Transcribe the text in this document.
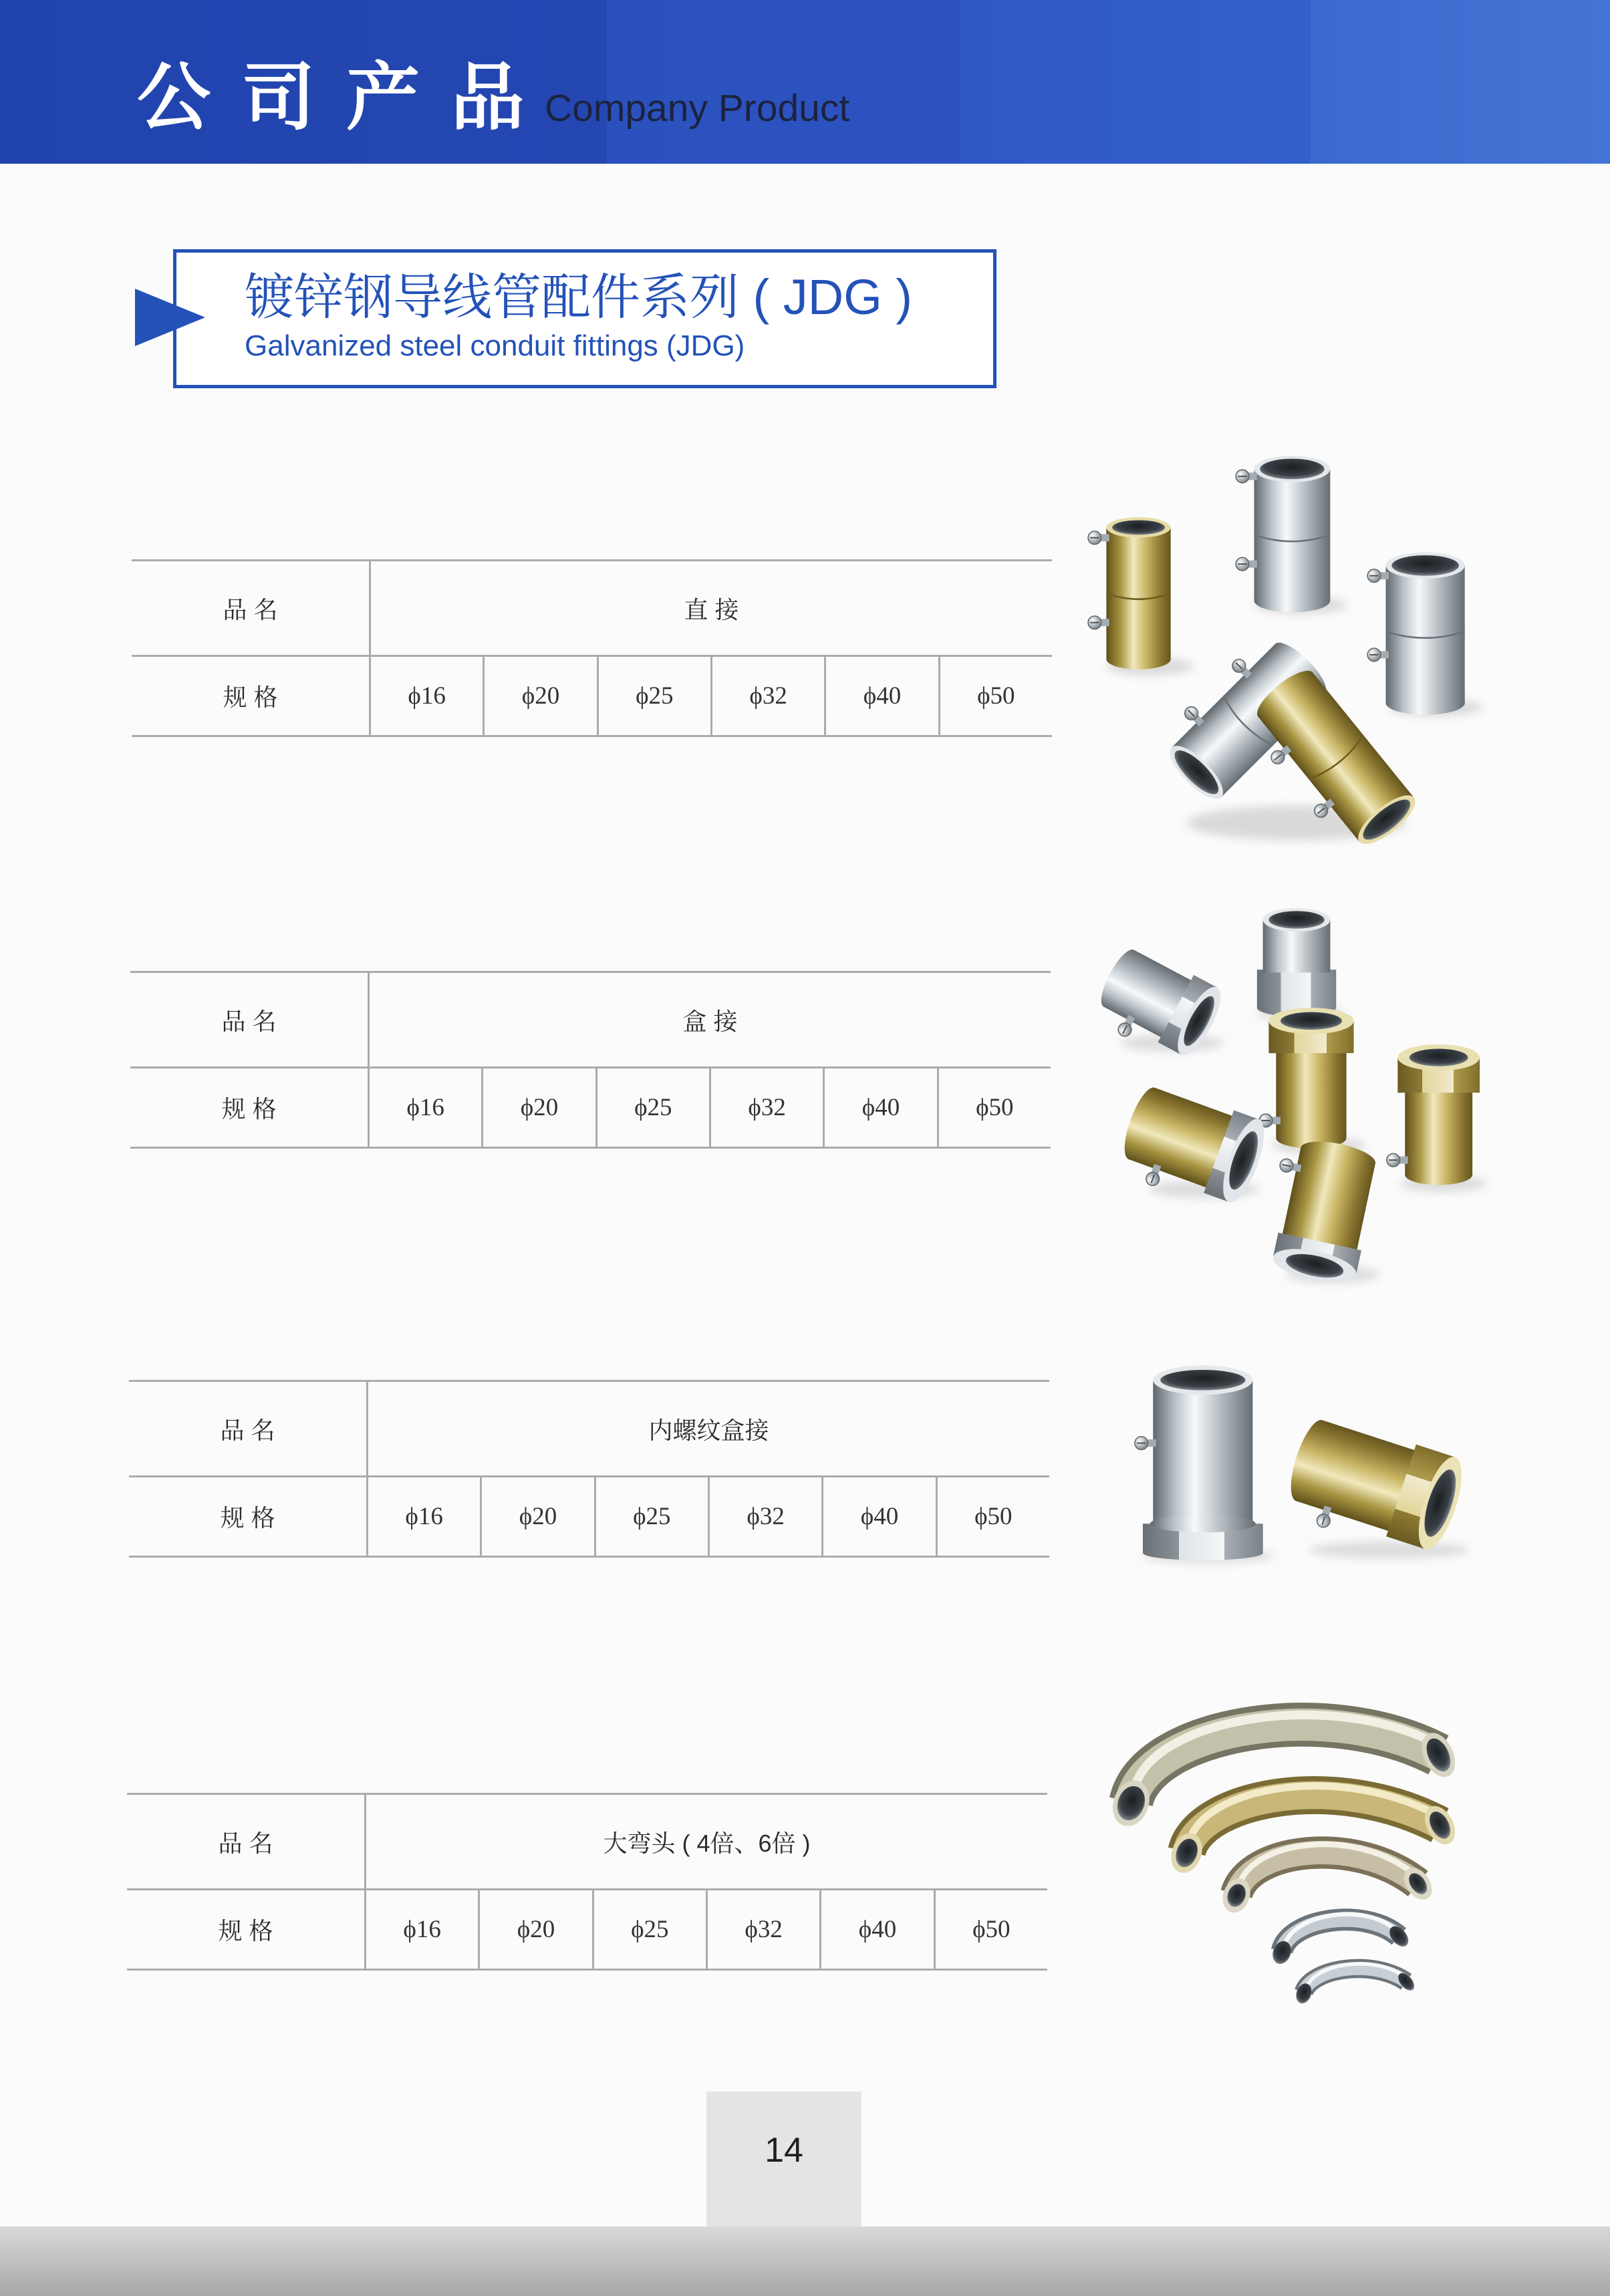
公 司 产 品 Company Product
镀锌钢导线管配件系列 ( JDG )
Galvanized steel conduit fittings (JDG)
品 名	直 接
规 格	ϕ16	ϕ20	ϕ25	ϕ32	ϕ40	ϕ50
品 名	盒 接
规 格	ϕ16	ϕ20	ϕ25	ϕ32	ϕ40	ϕ50
品 名	内螺纹盒接
规 格	ϕ16	ϕ20	ϕ25	ϕ32	ϕ40	ϕ50
品 名	大弯头 ( 4倍、6倍 )
规 格	ϕ16	ϕ20	ϕ25	ϕ32	ϕ40	ϕ50
14
